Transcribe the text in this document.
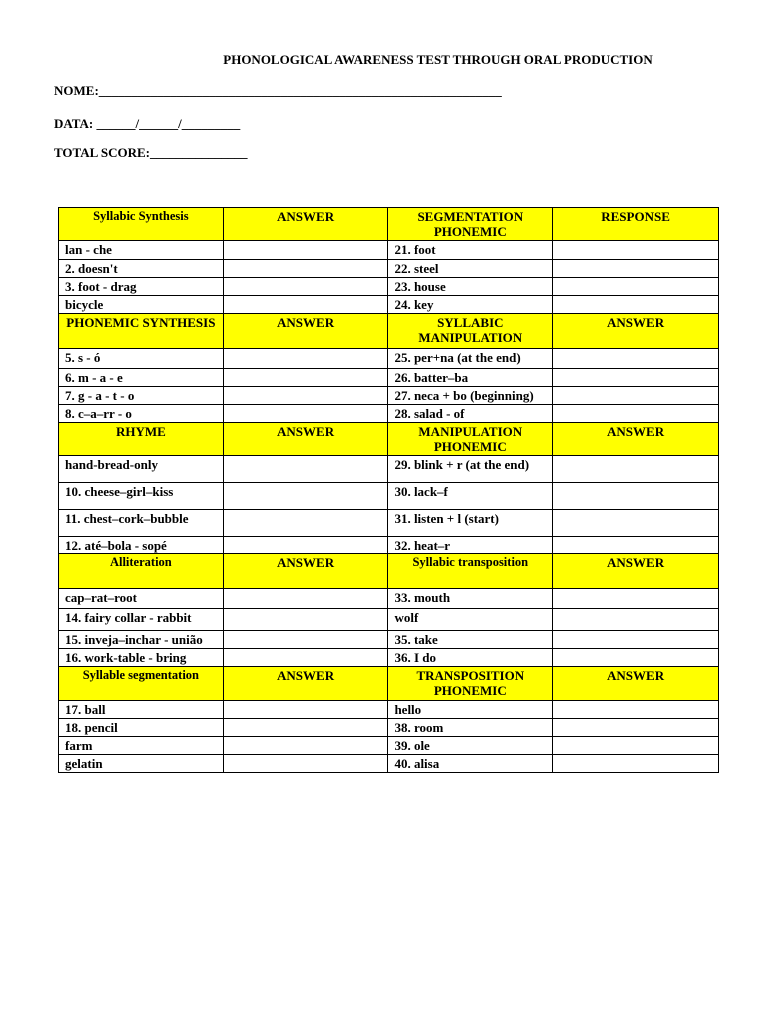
PHONOLOGICAL AWARENESS TEST THROUGH ORAL PRODUCTION
NOME:______________________________________________________________
DATA: ______/______/_________
TOTAL SCORE:_______________
Syllabic Synthesis	ANSWER	SEGMENTATION PHONEMIC	RESPONSE
lan - che		21. foot	
2. doesn't		22. steel	
3. foot - drag		23. house	
bicycle		24. key	
PHONEMIC SYNTHESIS	ANSWER	SYLLABIC MANIPULATION	ANSWER
5. s - ó		25. per+na (at the end)	
6. m - a - e		26. batter–ba	
7. g - a - t - o		27. neca + bo (beginning)	
8. c–a–rr - o		28. salad - of	
RHYME	ANSWER	MANIPULATION PHONEMIC	ANSWER
hand-bread-only		29. blink + r (at the end)	
10. cheese–girl–kiss		30. lack–f	
11. chest–cork–bubble		31. listen + l (start)	
12. até–bola - sopé		32. heat–r	
Alliteration	ANSWER	Syllabic transposition	ANSWER
cap–rat–root		33. mouth	
14. fairy collar - rabbit		wolf	
15. inveja–inchar - união		35. take	
16. work-table - bring		36. I do	
Syllable segmentation	ANSWER	TRANSPOSITION PHONEMIC	ANSWER
17. ball		hello	
18. pencil		38. room	
farm		39. ole	
gelatin		40. alisa	
